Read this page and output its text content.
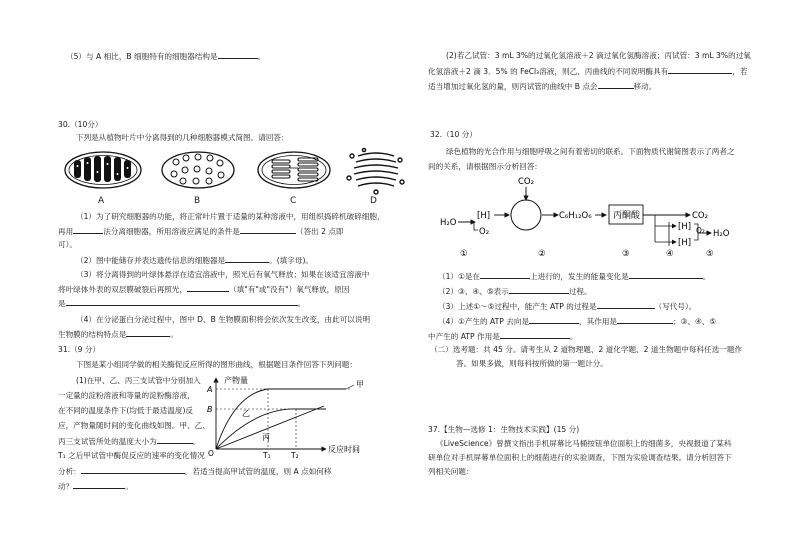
（5）与 A 相比，B 细胞特有的细胞器结构是	。
30.（10分）
下列是从植物叶片中分离得到的几种细胞器模式简图。请回答：
A	B	C	D
（1）为了研究细胞器的功能，将正常叶片置于适量的某种溶液中，用组织捣碎机破碎细胞，
再用	法分离细胞器，所用溶液应满足的条件是	（答出 2 点即
可）。
（2）图中能储存并表达遗传信息的细胞器是	。(填字母)。
（3）将分离得到的叶绿体悬浮在适宜溶液中，照光后有氧气释放；如果在该适宜溶液中
将叶绿体外表的双层膜破裂后再照光，	（填"有"或"没有"）氧气释放，原因
是	。
（4）在分泌蛋白分泌过程中，图中 D、B 生物膜面积将会依次发生改变，由此可以说明
生物膜的结构特点是	。
31.（9 分）
下图是某小组同学做的相关酶促反应所得的图形曲线，根据题目条件回答下列问题：
(1)在甲、乙、丙三支试管中分别加入
一定量的淀粉溶液和等量的淀粉酶溶液，
在不同的温度条件下(均低于最适温度)反
应，产物量随时间的变化曲线如图。甲、乙、
丙三支试管所处的温度大小为	。
T₁ 之后甲试管中酶促反应的速率的变化情况
分析：	。若适当提高甲试管的温度，则 A 点如何移
动？	。
产物量
A
B
O	T₁	T₂
反应时间
甲
乙
丙
(2)若乙试管：3 mL 3%的过氧化氢溶液＋2 滴过氧化氢酶溶液；丙试管：3 mL 3%的过氧
化氢溶液＋2 滴 3．5% 的 FeCl₃溶液，则乙、丙曲线的不同说明酶具有	，若
适当增加过氧化氢的量，则丙试管的曲线中 B 点会	移动。
32.（10 分）
绿色植物的光合作用与细胞呼吸之间有着密切的联系。下面物质代谢简图表示了两者之
间的关系，请根据图示分析回答：
H₂O
[H]
O₂
CO₂
C₆H₁₂O₆ 丙酮酸	CO₂
[H]
[H]
O₂ H₂O
①	②	③	④	⑤
（1）①是在	上进行的，发生的能量变化是	。
（2）③、④、⑤表示	过程。
（3）上述①～⑤过程中，能产生 ATP 的过程是	（写代号）。
（4）①产生的 ATP 去向是	，其作用是	；③、④、⑤
中产生的 ATP 作用是	。
（二）选考题：共 45 分。请考生从 2 道物理题、2 道化学题、2 道生物题中每科任选一题作
答。如果多做，则每科按所做的第一题计分。
37.【生物—选修 1：生物技术实践】(15 分)
《LiveScience》曾撰文指出手机屏幕比马桶按钮单位面积上的细菌多，央视报道了某科
研单位对手机屏幕单位面积上的细菌进行的实验调查，下图为实验调查结果。请分析回答下
列相关问题：
